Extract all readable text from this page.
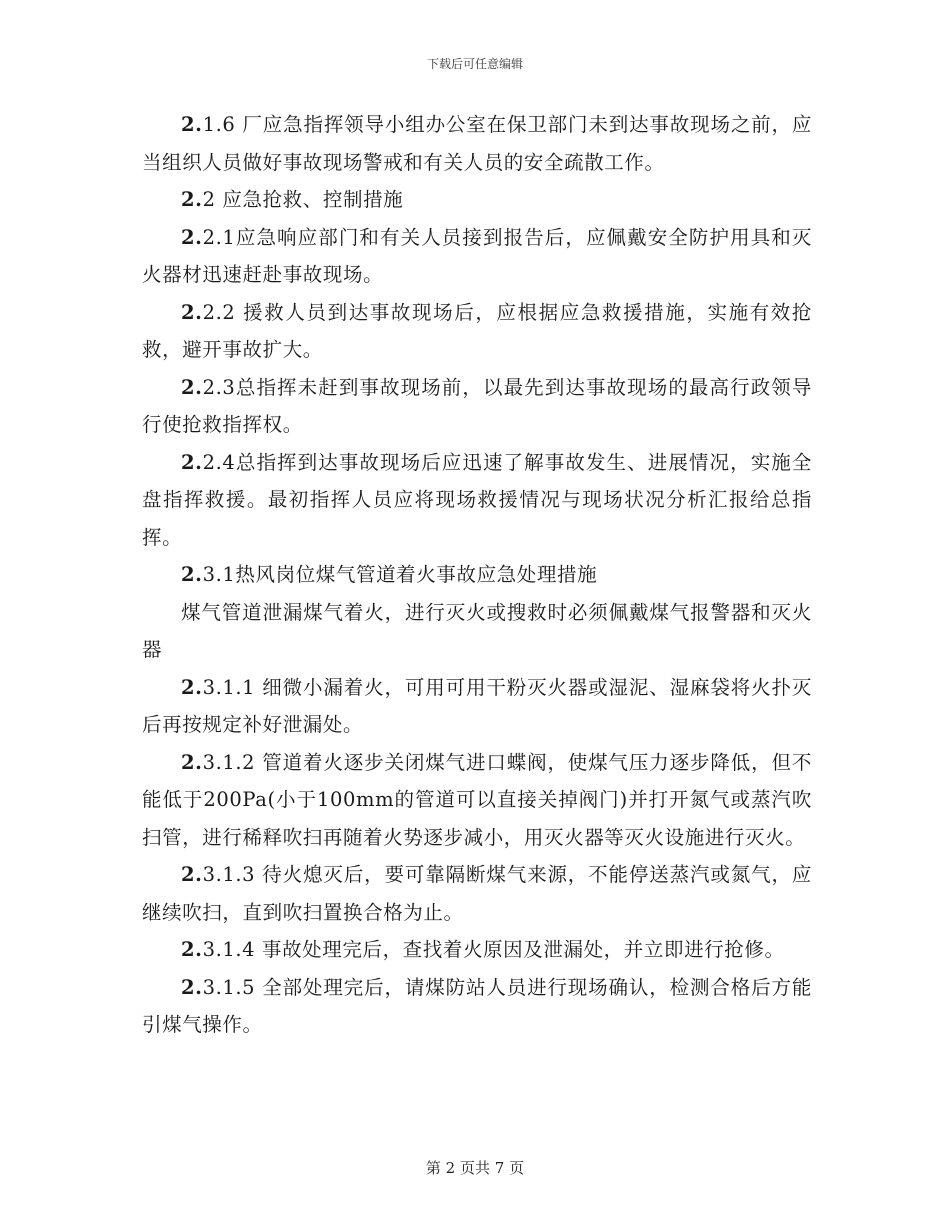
下载后可任意编辑

2.1.6 厂应急指挥领导小组办公室在保卫部门未到达事故现场之前，应当组织人员做好事故现场警戒和有关人员的安全疏散工作。

2.2 应急抢救、控制措施

2.2.1应急响应部门和有关人员接到报告后，应佩戴安全防护用具和灭火器材迅速赶赴事故现场。

2.2.2 援救人员到达事故现场后，应根据应急救援措施，实施有效抢救，避开事故扩大。

2.2.3总指挥未赶到事故现场前，以最先到达事故现场的最高行政领导行使抢救指挥权。

2.2.4总指挥到达事故现场后应迅速了解事故发生、进展情况，实施全盘指挥救援。最初指挥人员应将现场救援情况与现场状况分析汇报给总指挥。

2.3.1热风岗位煤气管道着火事故应急处理措施

煤气管道泄漏煤气着火，进行灭火或搜救时必须佩戴煤气报警器和灭火器

2.3.1.1 细微小漏着火，可用可用干粉灭火器或湿泥、湿麻袋将火扑灭后再按规定补好泄漏处。

2.3.1.2 管道着火逐步关闭煤气进口蝶阀，使煤气压力逐步降低，但不能低于200Pa(小于100mm的管道可以直接关掉阀门)并打开氮气或蒸汽吹扫管，进行稀释吹扫再随着火势逐步减小，用灭火器等灭火设施进行灭火。

2.3.1.3 待火熄灭后，要可靠隔断煤气来源，不能停送蒸汽或氮气，应继续吹扫，直到吹扫置换合格为止。

2.3.1.4 事故处理完后，查找着火原因及泄漏处，并立即进行抢修。

2.3.1.5 全部处理完后，请煤防站人员进行现场确认，检测合格后方能引煤气操作。

第 2 页共 7 页
